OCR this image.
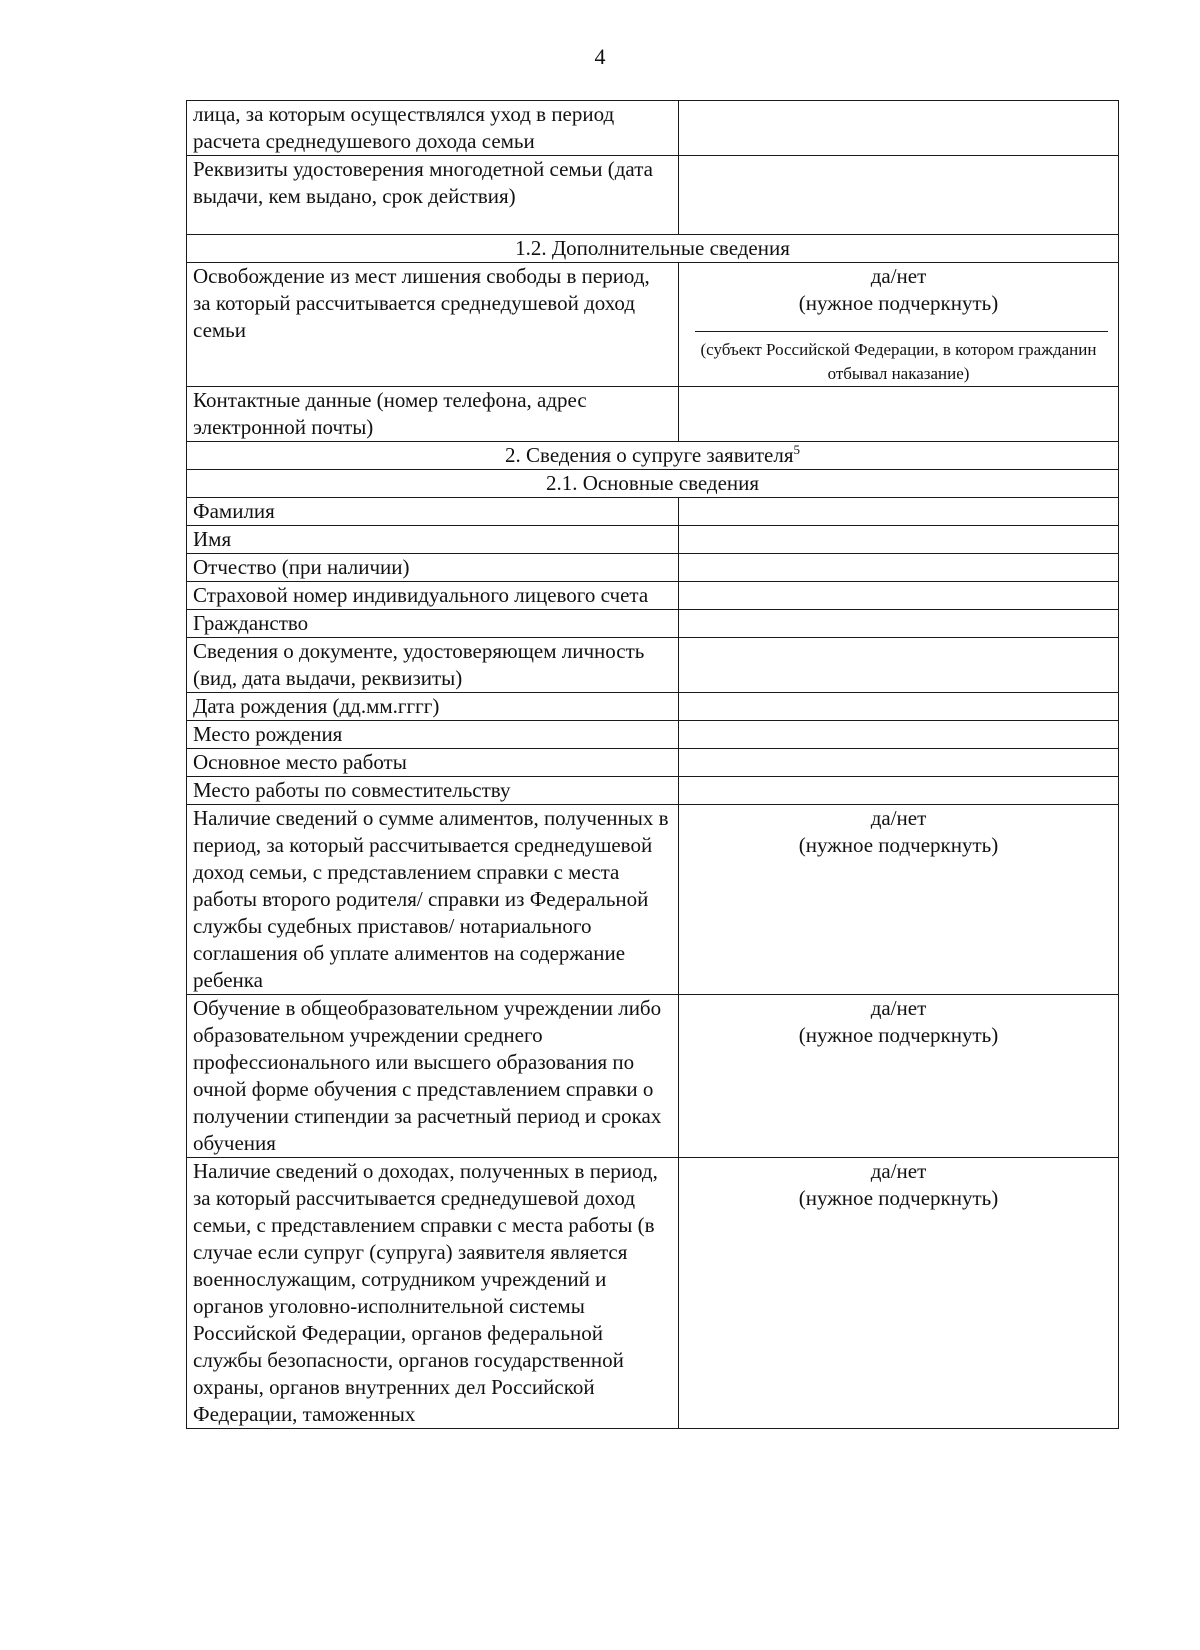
4
лица, за которым осуществлялся уход в период расчета среднедушевого дохода семьи	
Реквизиты удостоверения многодетной семьи (дата выдачи, кем выдано, срок действия)	
1.2. Дополнительные сведения	
Освобождение из мест лишения свободы в период, за который рассчитывается среднедушевой доход семьи	да/нет
(нужное подчеркнуть)
(субъект Российской Федерации, в котором гражданин отбывал наказание)

Контактные данные (номер телефона, адрес электронной почты)	
2. Сведения о супруге заявителя$^5$
2.1. Основные сведения	
Фамилия	
Имя	
Отчество (при наличии)	
Страховой номер индивидуального лицевого счета	
Гражданство	
Сведения о документе, удостоверяющем личность (вид, дата выдачи, реквизиты)	
Дата рождения (дд.мм.гггг)	
Место рождения	
Основное место работы	
Место работы по совместительству	
Наличие сведений о сумме алиментов, полученных в период, за который рассчитывается среднедушевой доход семьи, с представлением справки с места работы второго родителя/ справки из Федеральной службы судебных приставов/ нотариального соглашения об уплате алиментов на содержание ребенка	да/нет
(нужное подчеркнуть)

Обучение в общеобразовательном учреждении либо образовательном учреждении среднего профессионального или высшего образования по очной форме обучения с представлением справки о получении стипендии за расчетный период и сроках обучения	да/нет
(нужное подчеркнуть)

Наличие сведений о доходах, полученных в период, за который рассчитывается среднедушевой доход семьи, с представлением справки с места работы (в случае если супруг (супруга) заявителя является военнослужащим, сотрудником учреждений и органов уголовно-исполнительной системы Российской Федерации, органов федеральной службы безопасности, органов государственной охраны, органов внутренних дел Российской Федерации, таможенных	да/нет
(нужное подчеркнуть)
